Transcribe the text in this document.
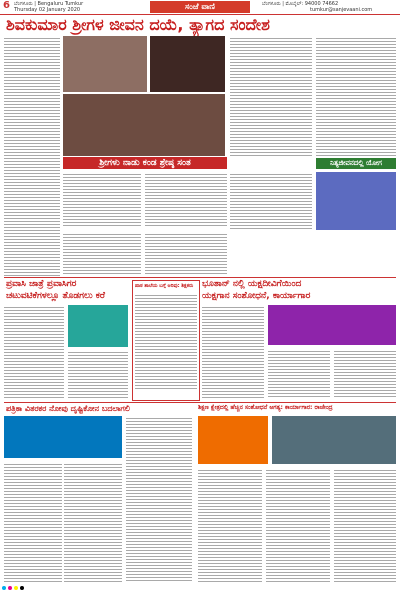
6 ಬೆಂಗಳೂರು | Bengaluru Tumkur
Thursday 02 January 2020	ಸಂಜೆ ವಾಣಿ	ಬೆಂಗಳೂರು | ಮೊಬೈಲ್: 94000 74662
tumkur@sanjevaani.com
ಶಿವಕುಮಾರ ಶ್ರೀಗಳ ಜೀವನ ದಯೆ, ತ್ಯಾಗದ ಸಂದೇಶ
ಶ್ರೀಗಳು ನಾಡು ಕಂಡ ಶ್ರೇಷ್ಠ ಸಂತ	ನಿತ್ಯಜೀವನದಲ್ಲಿ ಯೋಗ
ಪ್ರವಾಸಿ ಜಾತ್ರೆ ಪ್ರವಾಸಿಗರ
ಚಟುವಟಿಕೆಗಳಲ್ಲೂ ತೊಡಗಲು ಕರೆ
ಪಾಠ ಶಾಲೆಯ ಬಗ್ಗೆ ಅರಿವು: ಶಿಕ್ಷಕರು ಭೂತಾನ್ ನಲ್ಲಿ ಯಕ್ಷದೀವಿಗೆಯಿಂದ
ಯಕ್ಷಗಾನ ಸಂಶೋಧನೆ, ಕಾರ್ಯಾಗಾರ
ಪತ್ರಿಕಾ ವಿತರಕರ ನೋವು ದೃಷ್ಟಿಕೋನ ಬದಲಾಗಲಿ	ಶಿಕ್ಷಣ ಕ್ಷೇತ್ರದಲ್ಲಿ ಹೆಚ್ಚಿನ ಸಂಶೋಧನೆ ಅಗತ್ಯ: ಕಾರ್ಯಾಗಾರ: ರಾಜೇಂದ್ರ
